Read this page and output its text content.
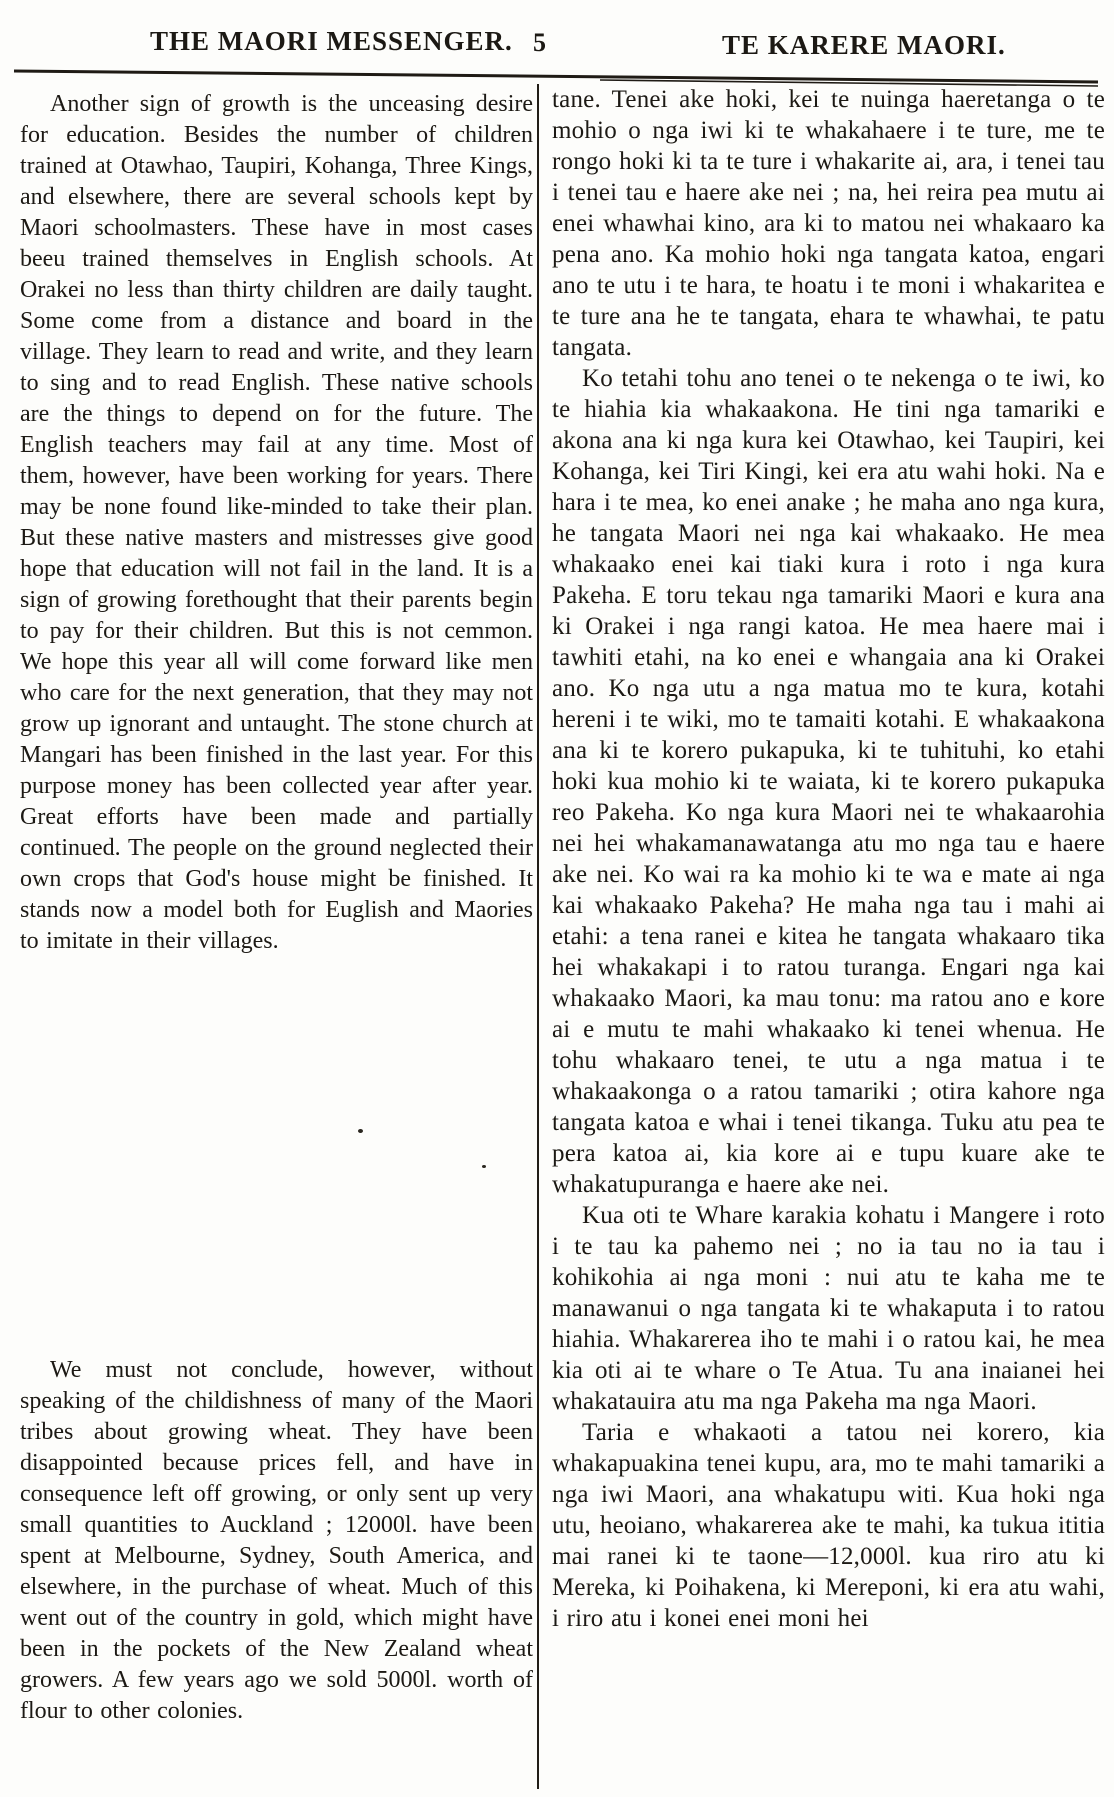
THE MAORI MESSENGER. 5	TE KARERE MAORI.

Another sign of growth is the unceasing desire for education. Besides the number of children trained at Otawhao, Taupiri, Kohanga, Three Kings, and elsewhere, there are several schools kept by Maori schoolmasters. These have in most cases beeu trained themselves in English schools. At Orakei no less than thirty children are daily taught. Some come from a distance and board in the village. They learn to read and write, and they learn to sing and to read English. These native schools are the things to depend on for the future. The English teachers may fail at any time. Most of them, however, have been working for years. There may be none found like-minded to take their plan. But these native masters and mistresses give good hope that education will not fail in the land. It is a sign of growing forethought that their parents begin to pay for their children. But this is not cemmon. We hope this year all will come forward like men who care for the next generation, that they may not grow up ignorant and untaught. The stone church at Mangari has been finished in the last year. For this purpose money has been collected year after year. Great efforts have been made and partially continued. The people on the ground neglected their own crops that God's house might be finished. It stands now a model both for Euglish and Maories to imitate in their villages.

We must not conclude, however, without speaking of the childishness of many of the Maori tribes about growing wheat. They have been disappointed because prices fell, and have in consequence left off growing, or only sent up very small quantities to Auckland ; 12000l. have been spent at Melbourne, Sydney, South America, and elsewhere, in the purchase of wheat. Much of this went out of the country in gold, which might have been in the pockets of the New Zealand wheat growers. A few years ago we sold 5000l. worth of flour to other colonies.

tane. Tenei ake hoki, kei te nuinga haeretanga o te mohio o nga iwi ki te whakahaere i te ture, me te rongo hoki ki ta te ture i whakarite ai, ara, i tenei tau i tenei tau e haere ake nei ; na, hei reira pea mutu ai enei whawhai kino, ara ki to matou nei whakaaro ka pena ano. Ka mohio hoki nga tangata katoa, engari ano te utu i te hara, te hoatu i te moni i whakaritea e te ture ana he te tangata, ehara te whawhai, te patu tangata.

Ko tetahi tohu ano tenei o te nekenga o te iwi, ko te hiahia kia whakaakona. He tini nga tamariki e akona ana ki nga kura kei Otawhao, kei Taupiri, kei Kohanga, kei Tiri Kingi, kei era atu wahi hoki. Na e hara i te mea, ko enei anake ; he maha ano nga kura, he tangata Maori nei nga kai whakaako. He mea whakaako enei kai tiaki kura i roto i nga kura Pakeha. E toru tekau nga tamariki Maori e kura ana ki Orakei i nga rangi katoa. He mea haere mai i tawhiti etahi, na ko enei e whangaia ana ki Orakei ano. Ko nga utu a nga matua mo te kura, kotahi hereni i te wiki, mo te tamaiti kotahi. E whakaakona ana ki te korero pukapuka, ki te tuhituhi, ko etahi hoki kua mohio ki te waiata, ki te korero pukapuka reo Pakeha. Ko nga kura Maori nei te whakaarohia nei hei whakamanawatanga atu mo nga tau e haere ake nei. Ko wai ra ka mohio ki te wa e mate ai nga kai whakaako Pakeha? He maha nga tau i mahi ai etahi: a tena ranei e kitea he tangata whakaaro tika hei whakakapi i to ratou turanga. Engari nga kai whakaako Maori, ka mau tonu: ma ratou ano e kore ai e mutu te mahi whakaako ki tenei whenua. He tohu whakaaro tenei, te utu a nga matua i te whakaakonga o a ratou tamariki ; otira kahore nga tangata katoa e whai i tenei tikanga. Tuku atu pea te pera katoa ai, kia kore ai e tupu kuare ake te whakatupuranga e haere ake nei.

Kua oti te Whare karakia kohatu i Mangere i roto i te tau ka pahemo nei ; no ia tau no ia tau i kohikohia ai nga moni : nui atu te kaha me te manawanui o nga tangata ki te whakaputa i to ratou hiahia. Whakarerea iho te mahi i o ratou kai, he mea kia oti ai te whare o Te Atua. Tu ana inaianei hei whakatauira atu ma nga Pakeha ma nga Maori.

Taria e whakaoti a tatou nei korero, kia whakapuakina tenei kupu, ara, mo te mahi tamariki a nga iwi Maori, ana whakatupu witi. Kua hoki nga utu, heoiano, whakarerea ake te mahi, ka tukua ititia mai ranei ki te taone—12,000l. kua riro atu ki Mereka, ki Poihakena, ki Mereponi, ki era atu wahi, i riro atu i konei enei moni hei
